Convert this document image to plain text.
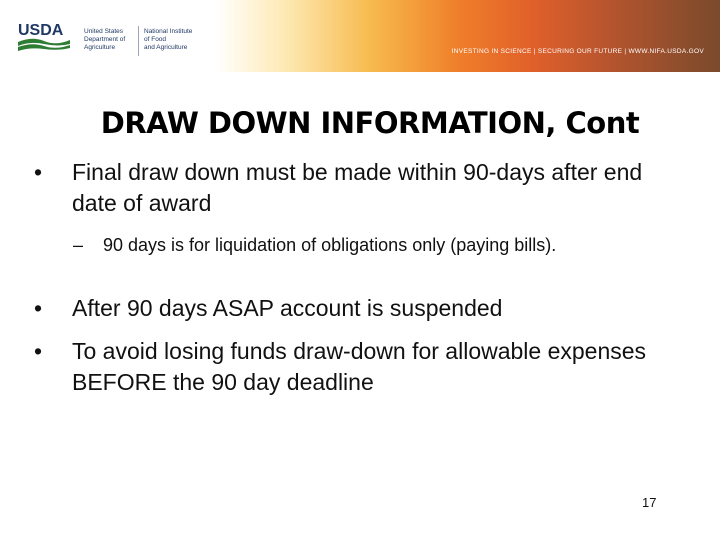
USDA	United States
Department of
Agriculture
National Institute
of Food
and Agriculture
INVESTING IN SCIENCE | SECURING OUR FUTURE | WWW.NIFA.USDA.GOV
DRAW DOWN INFORMATION, Cont
• Final draw down must be made within 90-days after end date of award
– 90 days is for liquidation of obligations only (paying bills).
• After 90 days ASAP account is suspended
• To avoid losing funds draw-down for allowable expenses BEFORE the 90 day deadline
17
